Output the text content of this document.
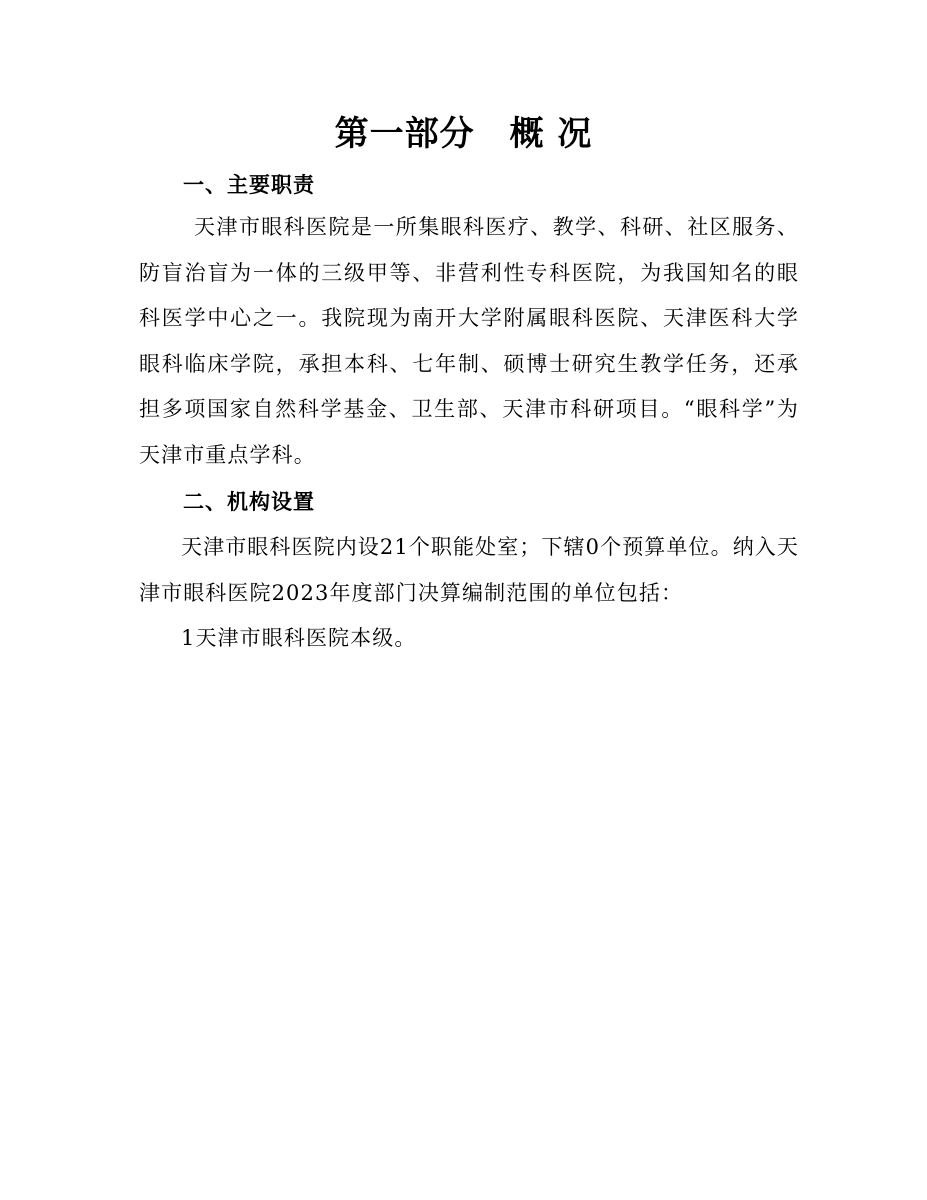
第一部分　概 况
一、主要职责

天津市眼科医院是一所集眼科医疗、教学、科研、社区服务、防盲治盲为一体的三级甲等、非营利性专科医院，为我国知名的眼科医学中心之一。我院现为南开大学附属眼科医院、天津医科大学眼科临床学院，承担本科、七年制、硕博士研究生教学任务，还承担多项国家自然科学基金、卫生部、天津市科研项目。“眼科学”为天津市重点学科。

二、机构设置

天津市眼科医院内设21个职能处室；下辖0个预算单位。纳入天津市眼科医院2023年度部门决算编制范围的单位包括：

1天津市眼科医院本级。
